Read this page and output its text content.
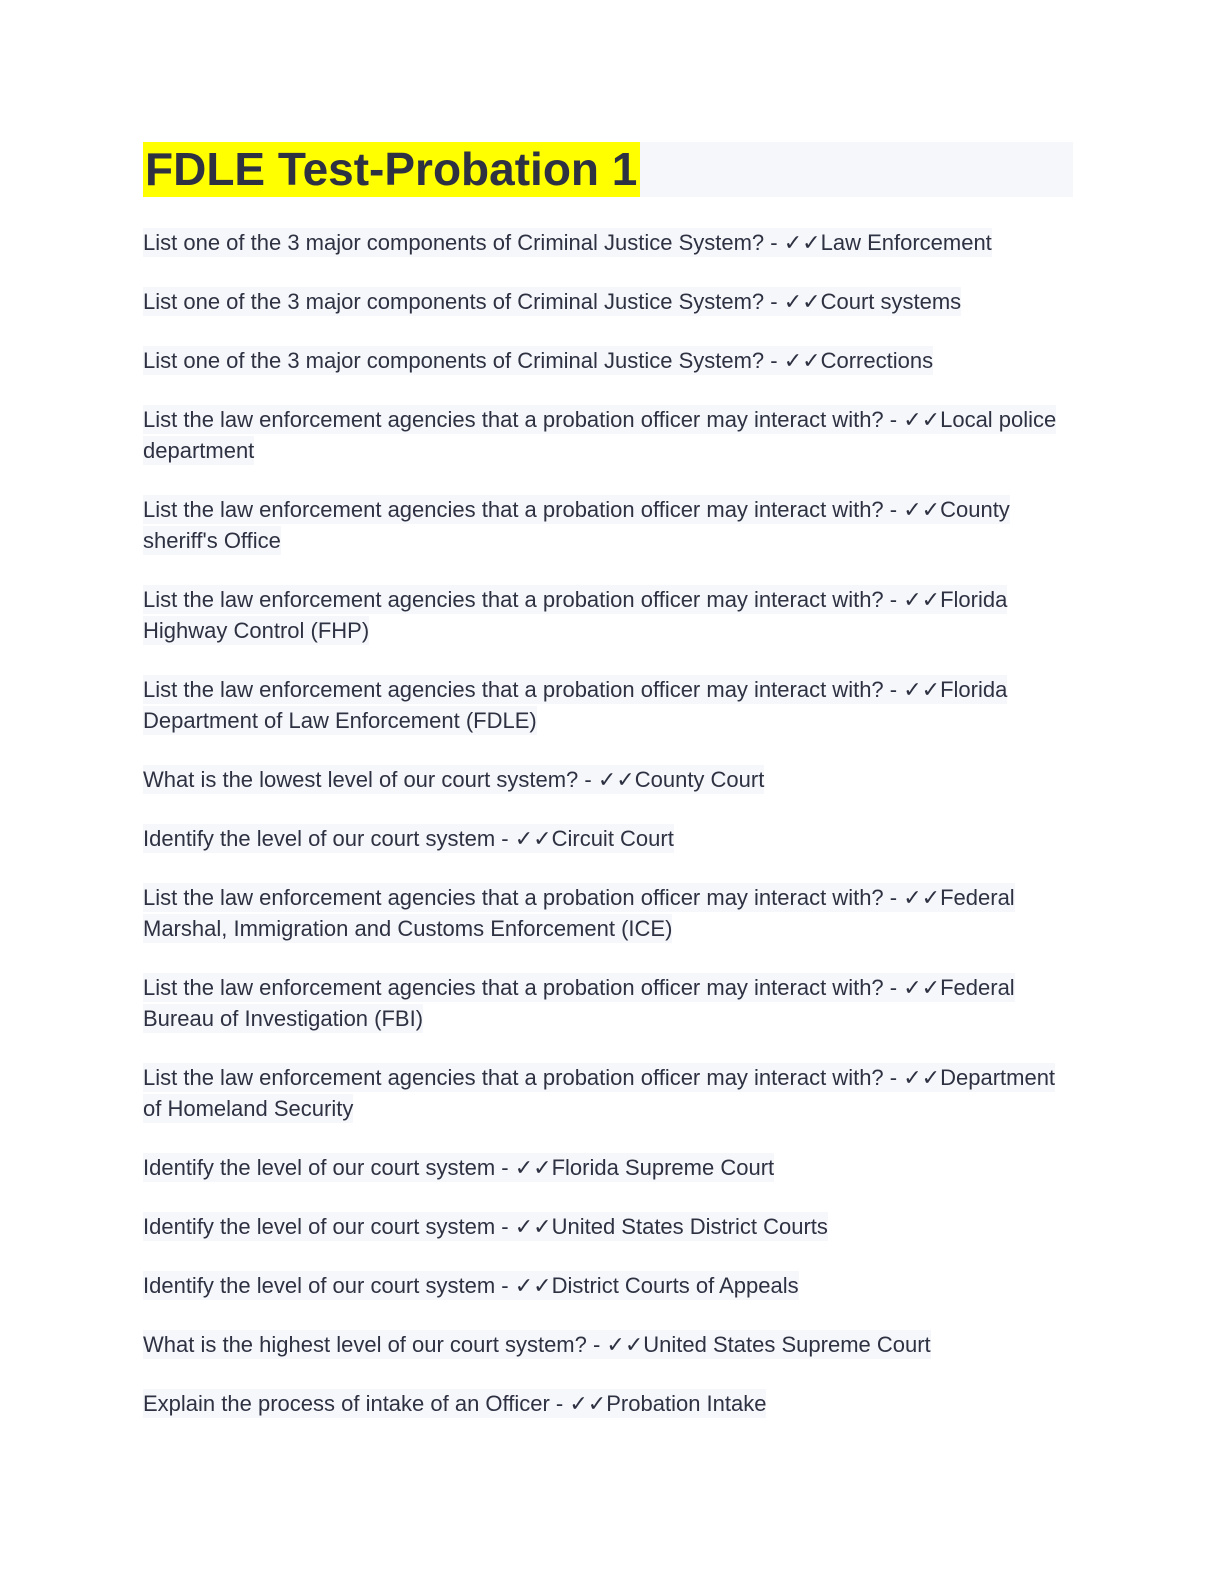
FDLE Test-Probation 1

List one of the 3 major components of Criminal Justice System? - ✓✓Law Enforcement

List one of the 3 major components of Criminal Justice System? - ✓✓Court systems

List one of the 3 major components of Criminal Justice System? - ✓✓Corrections

List the law enforcement agencies that a probation officer may interact with? - ✓✓Local police department

List the law enforcement agencies that a probation officer may interact with? - ✓✓County sheriff's Office

List the law enforcement agencies that a probation officer may interact with? - ✓✓Florida Highway Control (FHP)

List the law enforcement agencies that a probation officer may interact with? - ✓✓Florida Department of Law Enforcement (FDLE)

What is the lowest level of our court system? - ✓✓County Court

Identify the level of our court system - ✓✓Circuit Court

List the law enforcement agencies that a probation officer may interact with? - ✓✓Federal Marshal, Immigration and Customs Enforcement (ICE)

List the law enforcement agencies that a probation officer may interact with? - ✓✓Federal Bureau of Investigation (FBI)

List the law enforcement agencies that a probation officer may interact with? - ✓✓Department of Homeland Security

Identify the level of our court system - ✓✓Florida Supreme Court

Identify the level of our court system - ✓✓United States District Courts

Identify the level of our court system - ✓✓District Courts of Appeals

What is the highest level of our court system? - ✓✓United States Supreme Court

Explain the process of intake of an Officer - ✓✓Probation Intake
